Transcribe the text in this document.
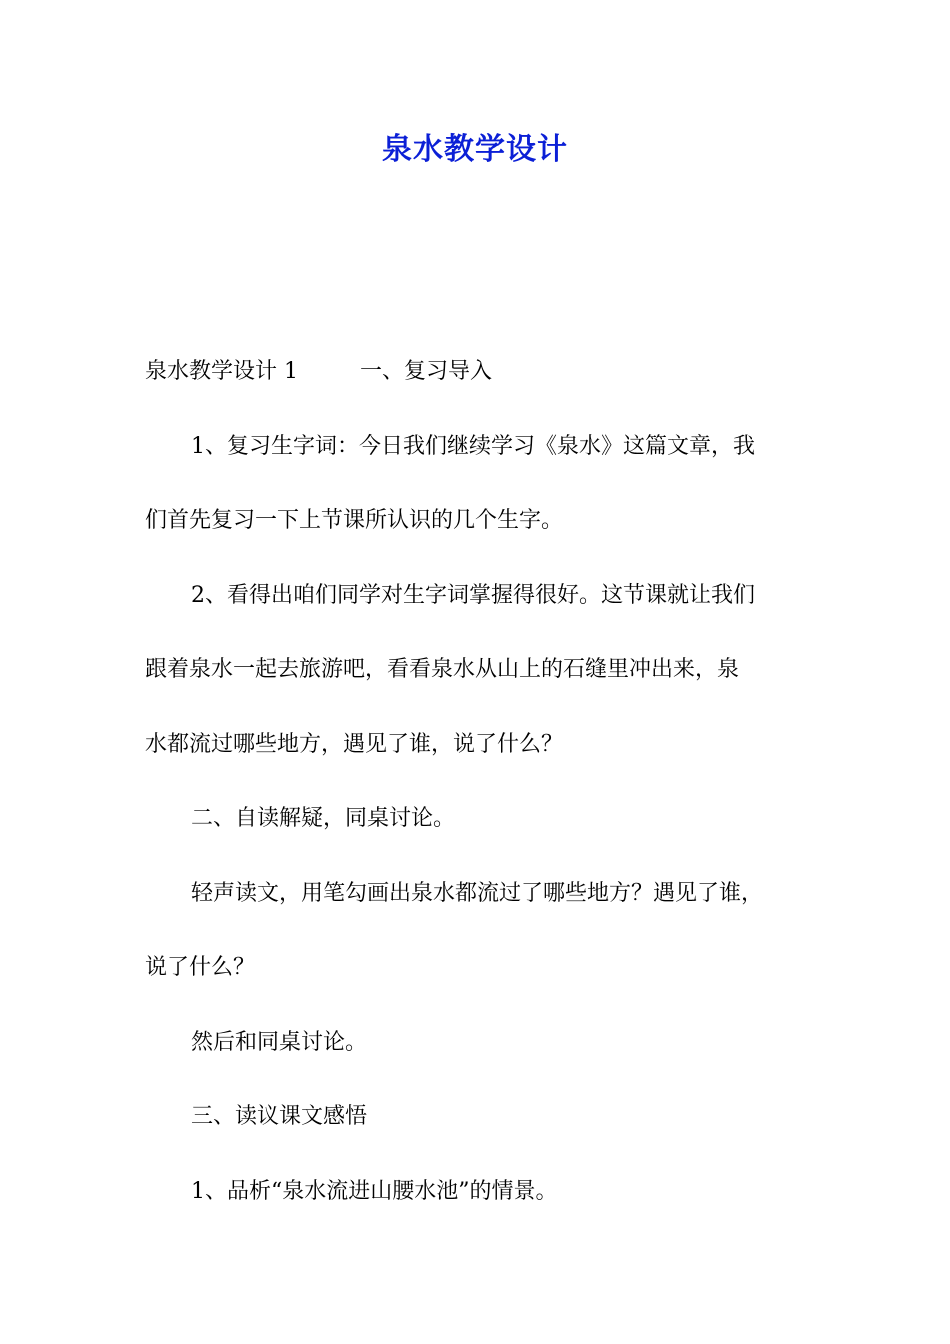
泉水教学设计
泉水教学设计 1	一、复习导入
1、复习生字词：今日我们继续学习《泉水》这篇文章，我
们首先复习一下上节课所认识的几个生字。
2、看得出咱们同学对生字词掌握得很好。这节课就让我们
跟着泉水一起去旅游吧，看看泉水从山上的石缝里冲出来，泉
水都流过哪些地方，遇见了谁，说了什么？
二、自读解疑，同桌讨论。
轻声读文，用笔勾画出泉水都流过了哪些地方？遇见了谁，
说了什么？
然后和同桌讨论。
三、读议课文感悟
1、品析“泉水流进山腰水池”的情景。
